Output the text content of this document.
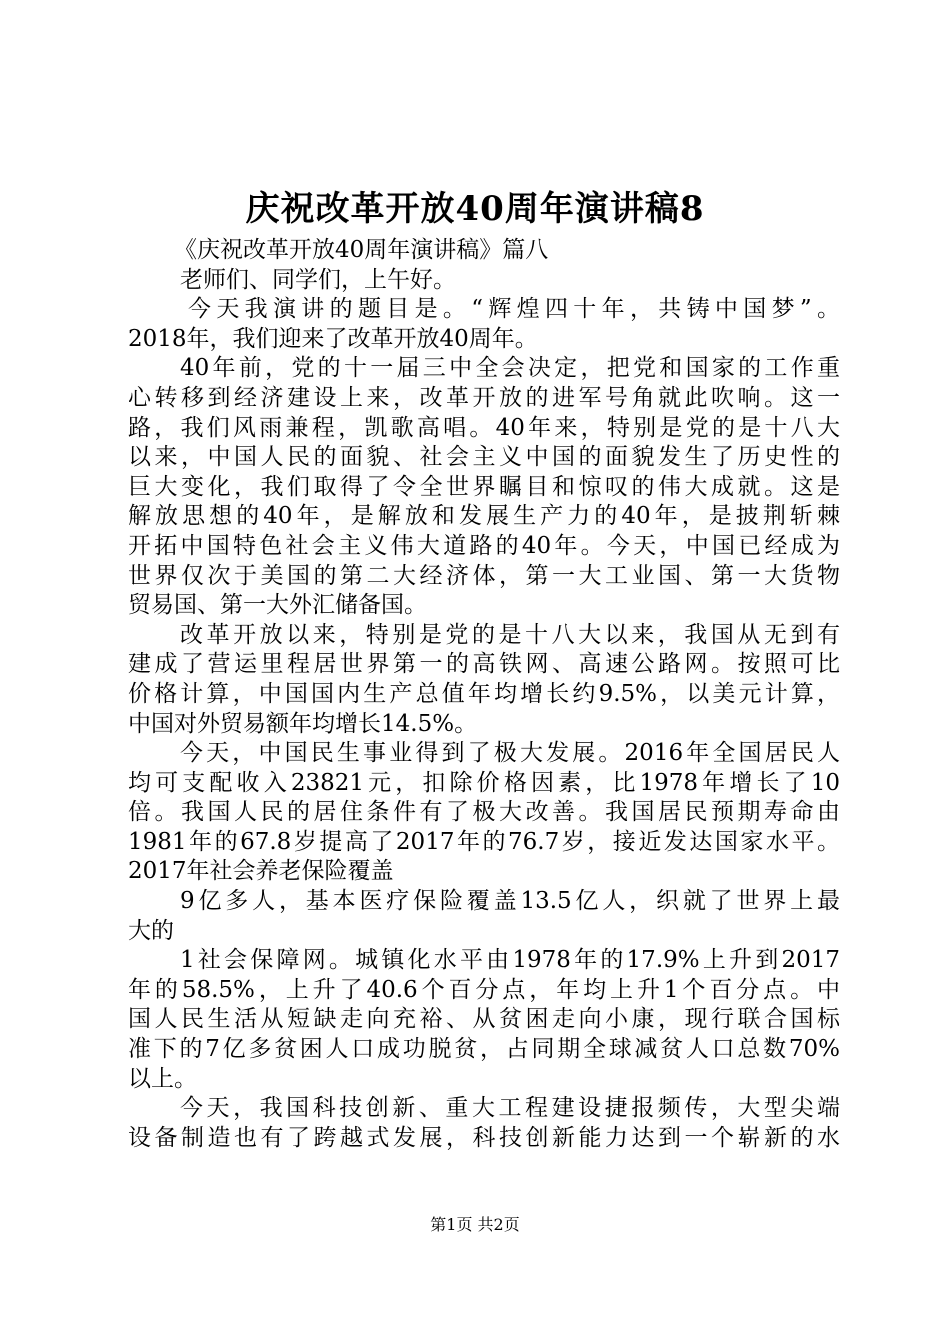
庆祝改革开放40周年演讲稿8
《庆祝改革开放40周年演讲稿》篇八
老师们、同学们，上午好。
今天我演讲的题目是。“辉煌四十年，共铸中国梦”。
2018年，我们迎来了改革开放40周年。
40年前，党的十一届三中全会决定，把党和国家的工作重
心转移到经济建设上来，改革开放的进军号角就此吹响。这一
路，我们风雨兼程，凯歌高唱。40年来，特别是党的是十八大
以来，中国人民的面貌、社会主义中国的面貌发生了历史性的
巨大变化，我们取得了令全世界瞩目和惊叹的伟大成就。这是
解放思想的40年，是解放和发展生产力的40年，是披荆斩棘
开拓中国特色社会主义伟大道路的40年。今天，中国已经成为
世界仅次于美国的第二大经济体，第一大工业国、第一大货物
贸易国、第一大外汇储备国。
改革开放以来，特别是党的是十八大以来，我国从无到有
建成了营运里程居世界第一的高铁网、高速公路网。按照可比
价格计算，中国国内生产总值年均增长约9.5%，以美元计算，
中国对外贸易额年均增长14.5%。
今天，中国民生事业得到了极大发展。2016年全国居民人
均可支配收入23821元，扣除价格因素，比1978年增长了10
倍。我国人民的居住条件有了极大改善。我国居民预期寿命由
1981年的67.8岁提高了2017年的76.7岁，接近发达国家水平。
2017年社会养老保险覆盖
9亿多人，基本医疗保险覆盖13.5亿人，织就了世界上最
大的
1社会保障网。城镇化水平由1978年的17.9%上升到2017
年的58.5%，上升了40.6个百分点，年均上升1个百分点。中
国人民生活从短缺走向充裕、从贫困走向小康，现行联合国标
准下的7亿多贫困人口成功脱贫，占同期全球减贫人口总数70%
以上。
今天，我国科技创新、重大工程建设捷报频传，大型尖端
设备制造也有了跨越式发展，科技创新能力达到一个崭新的水
第1页 共2页
